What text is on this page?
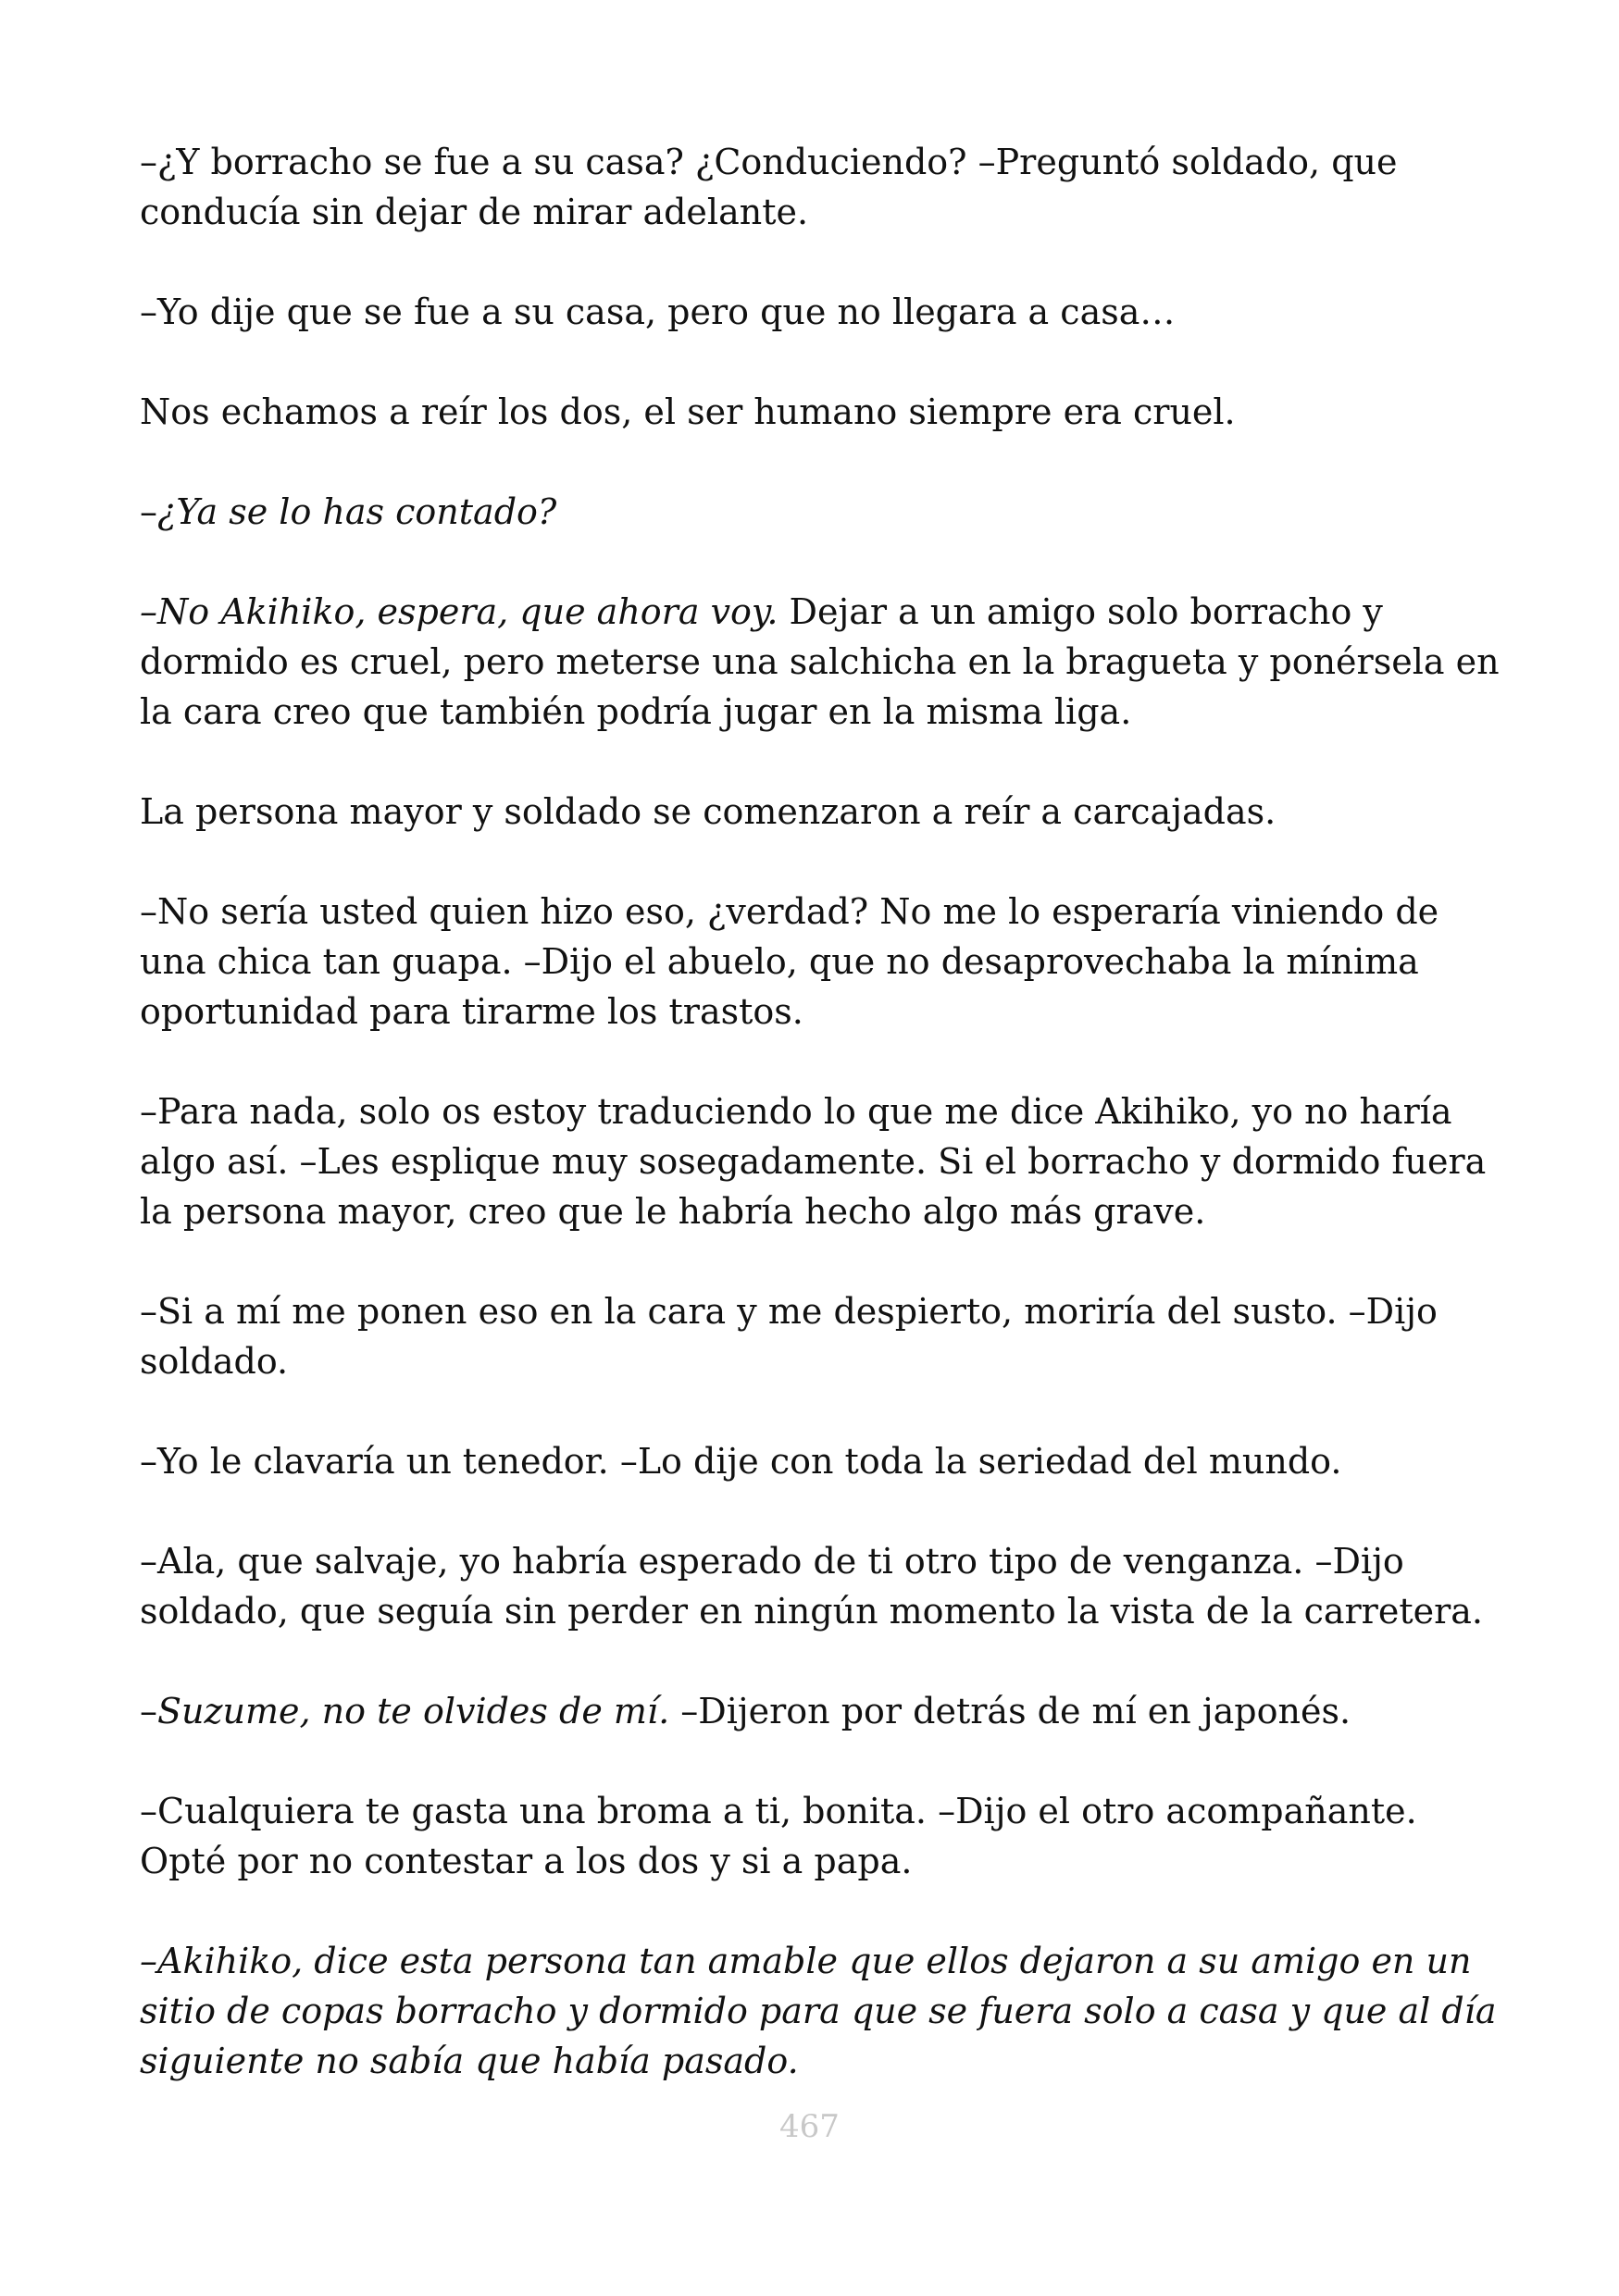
–¿Y borracho se fue a su casa? ¿Conduciendo? –Preguntó soldado, que conducía sin dejar de mirar adelante.

–Yo dije que se fue a su casa, pero que no llegara a casa…

Nos echamos a reír los dos, el ser humano siempre era cruel.

–¿Ya se lo has contado?

–No Akihiko, espera, que ahora voy. Dejar a un amigo solo borracho y dormido es cruel, pero meterse una salchicha en la bragueta y ponérsela en la cara creo que también podría jugar en la misma liga.

La persona mayor y soldado se comenzaron a reír a carcajadas.

–No sería usted quien hizo eso, ¿verdad? No me lo esperaría viniendo de una chica tan guapa. –Dijo el abuelo, que no desaprovechaba la mínima oportunidad para tirarme los trastos.

–Para nada, solo os estoy traduciendo lo que me dice Akihiko, yo no haría algo así. –Les esplique muy sosegadamente. Si el borracho y dormido fuera la persona mayor, creo que le habría hecho algo más grave.

–Si a mí me ponen eso en la cara y me despierto, moriría del susto. –Dijo soldado.

–Yo le clavaría un tenedor. –Lo dije con toda la seriedad del mundo.

–Ala, que salvaje, yo habría esperado de ti otro tipo de venganza. –Dijo soldado, que seguía sin perder en ningún momento la vista de la carretera.

–Suzume, no te olvides de mí. –Dijeron por detrás de mí en japonés.

–Cualquiera te gasta una broma a ti, bonita. –Dijo el otro acompañante. Opté por no contestar a los dos y si a papa.

–Akihiko, dice esta persona tan amable que ellos dejaron a su amigo en un sitio de copas borracho y dormido para que se fuera solo a casa y que al día siguiente no sabía que había pasado.

467
